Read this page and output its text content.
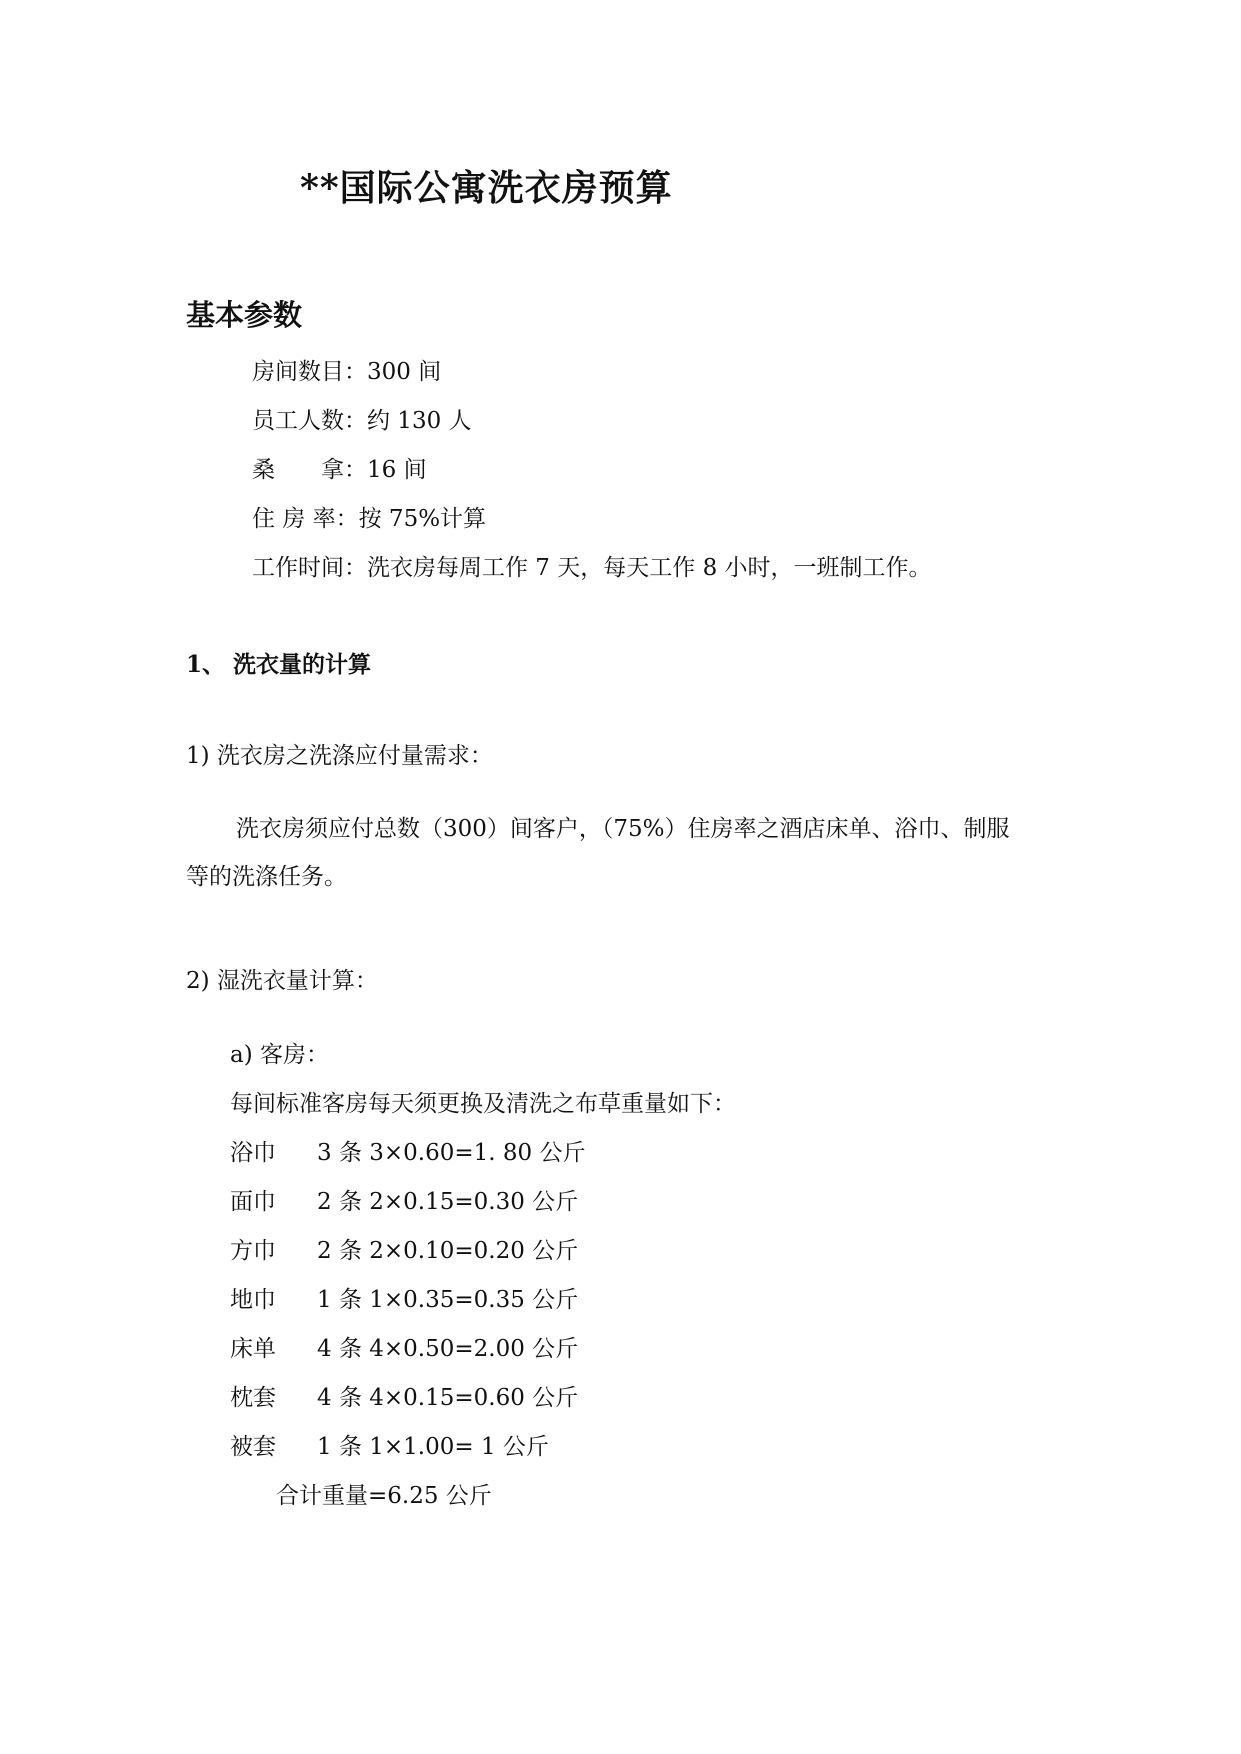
**国际公寓洗衣房预算
基本参数
房间数目：300 间
员工人数：约 130 人
桑　　拿：16 间
住 房 率：按 75%计算
工作时间：洗衣房每周工作 7 天，每天工作 8 小时，一班制工作。
1、 洗衣量的计算
1) 洗衣房之洗涤应付量需求：
洗衣房须应付总数（300）间客户，（75%）住房率之酒店床单、浴巾、制服
等的洗涤任务。
2) 湿洗衣量计算：
a) 客房：
每间标准客房每天须更换及清洗之布草重量如下：
浴巾 3 条 3×0.60=1. 80 公斤
面巾 2 条 2×0.15=0.30 公斤
方巾 2 条 2×0.10=0.20 公斤
地巾 1 条 1×0.35=0.35 公斤
床单 4 条 4×0.50=2.00 公斤
枕套 4 条 4×0.15=0.60 公斤
被套 1 条 1×1.00= 1 公斤
合计重量=6.25 公斤
